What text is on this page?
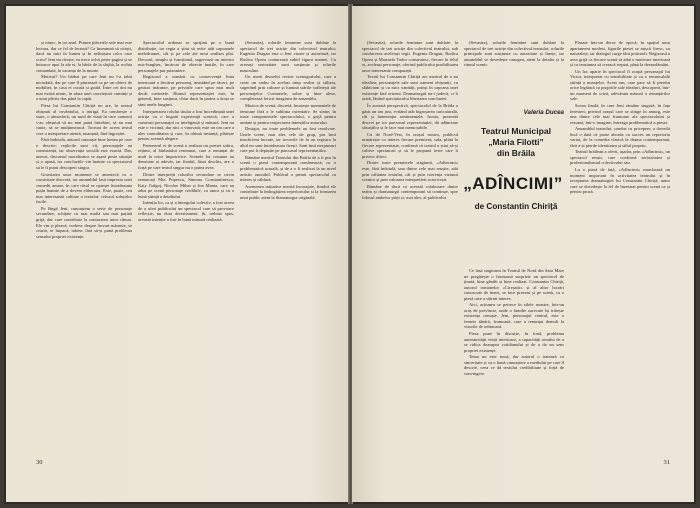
și nimic, în tot anul. Printre plăcerile sale mai este lectura, dar ce fel de lectură? Ce înseamnă să citești, dacă nu intri în lumea și în neliniștea celor care scriu? Jeni nu citește; ea trece ochii peste pagini și se întoarce apoi la ale ei, la bârfa de la slujbă, la rochia comandată, la vacanța de la munte.

Motivul? Un bărbat pe care Jeni nu l-a iubit niciodată, dar pe care îl păstrează ca pe un obiect de mobilier, în casa ei curată și goală. Între cei doi nu mai există nimic, în afara unei conviețuiri cuminți și a unui plictis dus până la capăt.

Piesa lui Constantin Chiriță nu are, în sensul obișnuit al cuvântului, o intrigă. Ea urmărește o stare, o atmosferă, un mod de viață în care oamenii s-au obișnuit să nu mai pună întrebări, să nu mai caute, să se mulțumească. Tocmai de aceea textul cere o interpretare atentă, nuanțată, fără îngroșări.

Fără îndoială, autorul cunoaște bine lumea pe care o descrie; replicile sunt vii, personajele au consistență, iar observația socială este exactă. Dar, uneori, discursul moralizator se așază peste situație și o apasă, iar concluziile vin înainte ca spectatorul să le fi putut descoperi singur.

Gravitatea unor momente se amestecă cu o comicitate discretă, iar ansamblul lasă impresia unei comedii amare, în care râsul se oprește întotdeauna puțin înainte de a deveni eliberator. Este, poate, cea mai interesantă calitate a textului: refuzul soluțiilor facile.

Pe lângă Jeni, cunoaștem o serie de personaje secundare, schițate cu mai multă sau mai puțină grijă, dar care contribuie la conturarea unui climat. Ele vin și pleacă, vorbesc despre lucruri mărunte, se ceartă, se împacă, trăiesc fără să-și pună problema sensului propriei existențe.

Spectacolul ordonat se sprijină pe o bună distribuție, iar regia a știut să evite atât capcanele melodramei, cât și pe cele ale unui realism plat. Decorul, simplu și funcțional, sugerează un interior mic-burghez, încărcat de obiecte inutile, în care personajele par prizoniere.

Regizorul a urmărit cu consecvență linia interioară a fiecărui personaj, insistând pe tăceri, pe gesturi mărunte, pe privirile care spun mai mult decât cuvintele. Ritmul reprezentației este, în general, bine susținut, chiar dacă în partea a doua se simt unele lungimi.

Interpretarea rolului titular a fost încredințată unei actrițe cu o bogată experiență scenică, care a construit personajul cu inteligență și măsură. Jeni nu este o victimă, dar nici o vinovată; este un om care a ales comoditatea și care, în ultimă instanță, plătește pentru această alegere.

Partenerul ei de scenă a realizat un portret sobru, reținut, al bărbatului resemnat, care a renunțat de mult la orice împotrivire. Scenele lor comune au densitate și adevăr, iar finalul, lăsat deschis, are o forță pe care textul singur nu o putea avea.

Dintre interpreții rolurilor secundare se cuvin remarcați Mia Popescu, Simona Constantinescu, Katy Galgoț, Nicolae Mihai și Ion Manta, care au adus pe scenă personaje credibile, cu umor și cu o bună știință a detaliului.

Intenția lor, ca și a întregului colectiv, a fost aceea de a oferi publicului un spectacol care să provoace reflecție, nu doar divertisment. Și, trebuie spus, această intenție a fost în bună măsură realizată.

(Sevastia), rolurile feminine sunt dublate la spectacol de trei actrițe din colectivul teatrului; Eugenia Dragan este o Jeni vioaie și autoritară, iar Rodica Oprea conturează subtil figura mamei. Cu aceeași seriozitate sunt susținute și rolurile masculine.

Un merit deosebit revine scenografului, care a creat un cadru în același timp realist și stilizat, sugerând prin culoare și lumină stările sufletești ale personajelor. Costumele, sobre și bine alese, completează fericit imaginea de ansamblu.

Muzica de scenă, discretă, însoțește momentele de tensiune fără a le sublinia ostentativ. Se simte, în toate componentele spectacolului, o grijă pentru unitate și pentru respectarea intențiilor autorului.

Desigur, nu toate problemele au fost rezolvate. Unele scene, mai ales cele de grup, par încă insuficient lucrate, iar trecerile de la un registru la altul nu sunt întotdeauna firești. Sunt însă neajunsuri care pot fi depășite pe parcursul reprezentațiilor.

Rămâne meritul Teatrului din Brăila de a fi pus în scenă o piesă contemporană românească, cu o problematică actuală, și de a o fi realizat la un nivel artistic onorabil. Publicul a primit spectacolul cu interes și căldură.

Asemenea inițiative merită încurajate, fiindcă ele contribuie la îmbogățirea repertoriului și la formarea unui public atent la dramaturgia originală.

30

(Sevastia), rolurile feminine sunt dublate: la spectacol de trei actrițe din colectivul teatrului, sub conducerea aceleiași regii. Eugenia Dragan, Rodica Oprea și Marinela Tudor construiesc, fiecare în felul ei, aceleași personaje, oferind publicului posibilitatea unor interesante comparații.

Textul lui Constantin Chiriță are meritul de a nu idealiza; personajele sale sunt oameni obișnuiți, cu slăbiciuni și cu mici vanități, prinși în capcana unei existențe fără orizont. Dramaturgul nu-i judecă, ci îi arată, lăsând spectatorului libertatea concluziei.

În această perspectivă, spectacolul de la Brăila a găsit un ton just, evitând atât îngroșarea caricaturală, cât și lamentația sentimentală. Ironia, prezentă discret pe tot parcursul reprezentației, dă adâncime situațiilor și le face mai memorabile.

Cu de Nord-Vest, în orașul nostru, publicul urmărește cu interes fiecare premieră; sala, plină la fiecare reprezentație, confirmă că teatrul a știut să-și cultive spectatorii și să le propună texte care îi privesc direct.

Dintre toate premierele stagiunii, «Adîncimi» este, fără îndoială, una dintre cele mai reușite, atât prin calitatea textului, cât și prin coerența viziunii scenice și prin valoarea interpretării actoricești.

Rămâne de dorit ca această colaborare dintre teatru și dramaturgii contemporani să continue, spre folosul ambelor părți și, mai ales, al publicului.

(Sevastia), rolurile feminine sunt dublate la spectacol de trei actrițe din colectivul teatrului; rolurile principale sunt susținute cu autoritate și finețe, iar ansamblul se dovedește omogen, atent la detaliu și la ritmul scenic.

Valeria Ducea

Teatrul Municipal

„Maria Filotti”

din Brăila

„ADÎNCIMI”

de Constantin Chiriță

Ce lasă stagiunea în Teatrul de Nord din Satu Mare ne pregătește o frumoasă surpriză: un spectacol de ținută, bine gândit și bine realizat. Constantin Chiriță, autorul romanelor «Cireșarii» și al altor lucrări cunoscute de tineri, se face prezent și pe scenă, cu o piesă care a stârnit interes.

Aici, acțiunea se petrece în zilele noastre, într-un oraș de provincie, unde o familie oarecare își trăiește existența cenușie. Jeni, personajul central, este o femeie tânără, frumoasă, care a renunțat demult la visurile de odinioară.

Piesa pune în discuție, în fond, problema autenticității vieții interioare, a capacității omului de a se ridica deasupra cotidianului și de a da un sens propriei existențe.

Tema nu este nouă, dar autorul o tratează cu sinceritate și cu o bună cunoaștere a mediului pe care îl descrie, ceea ce dă textului credibilitate și forță de convingere.

Plasate într-un decor de epocă, în spațiul unui apartament modest, figurile piesei se mișcă firesc, cu naturalețe, iar dialogul curge fără poticneli. Regizorul a avut grijă ca fiecare scenă să aibă o motivare interioară și ca tensiunea să crească treptat, până la deznodământ.

Un loc aparte în spectacol îl ocupă personajul lui Victor, interpretat cu sensibilitate și cu o remarcabilă știință a nuanțelor. Acest om, care pare să fi pierdut orice legătură cu propriile sale idealuri, descoperă, într-un moment de criză, adevărata măsură a renunțărilor sale.

Scena finală, în care Jeni rămâne singură, în fața ferestrei, privind orașul care se stinge în amurg, este una dintre cele mai frumoase ale spectacolului și rezumă, într-o imagine, întreaga problematică a piesei.

Ansamblul teatrului, condus cu pricepere, a dovedit încă o dată că poate aborda cu succes un repertoriu variat, de la comedia clasică la drama contemporană, fără a-și pierde identitatea și stilul propriu.

Teatrul brăilean a oferit, așadar, prin «Adîncimi», un spectacol reușit, care confirmă seriozitatea și profesionalismul colectivului său.

La o piesă de față, «Adîncimi» marchează un moment important în activitatea teatrului și în receptarea dramaturgiei lui Constantin Chiriță, autor care se dovedește la fel de înzestrat pentru scenă ca și pentru proză.

31
